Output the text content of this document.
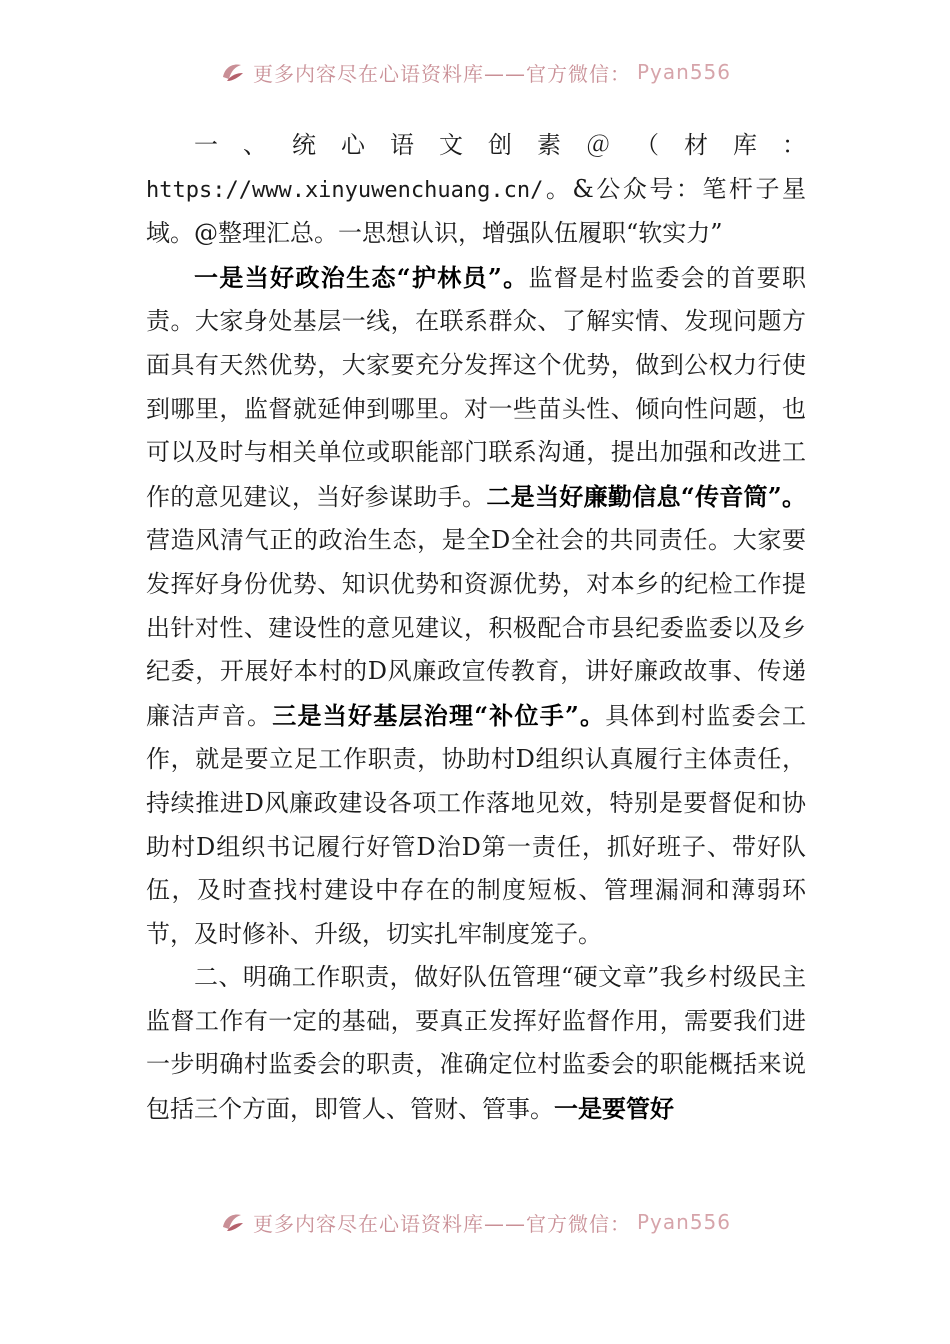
更多内容尽在心语资料库——官方微信： Pyan556

一、统心语文创素＠（材库：https://www.xinyuwenchuang.cn/。&公众号：笔杆子星域。@整理汇总。一思想认识，增强队伍履职“软实力”

一是当好政治生态“护林员”。监督是村监委会的首要职责。大家身处基层一线，在联系群众、了解实情、发现问题方面具有天然优势，大家要充分发挥这个优势，做到公权力行使到哪里，监督就延伸到哪里。对一些苗头性、倾向性问题，也可以及时与相关单位或职能部门联系沟通，提出加强和改进工作的意见建议，当好参谋助手。二是当好廉勤信息“传音筒”。营造风清气正的政治生态，是全D全社会的共同责任。大家要发挥好身份优势、知识优势和资源优势，对本乡的纪检工作提出针对性、建设性的意见建议，积极配合市县纪委监委以及乡纪委，开展好本村的D风廉政宣传教育，讲好廉政故事、传递廉洁声音。三是当好基层治理“补位手”。具体到村监委会工作，就是要立足工作职责，协助村D组织认真履行主体责任，持续推进D风廉政建设各项工作落地见效，特别是要督促和协助村D组织书记履行好管D治D第一责任，抓好班子、带好队伍，及时查找村建设中存在的制度短板、管理漏洞和薄弱环节，及时修补、升级，切实扎牢制度笼子。

二、明确工作职责，做好队伍管理“硬文章”我乡村级民主监督工作有一定的基础，要真正发挥好监督作用，需要我们进一步明确村监委会的职责，准确定位村监委会的职能概括来说包括三个方面，即管人、管财、管事。一是要管好

更多内容尽在心语资料库——官方微信： Pyan556
